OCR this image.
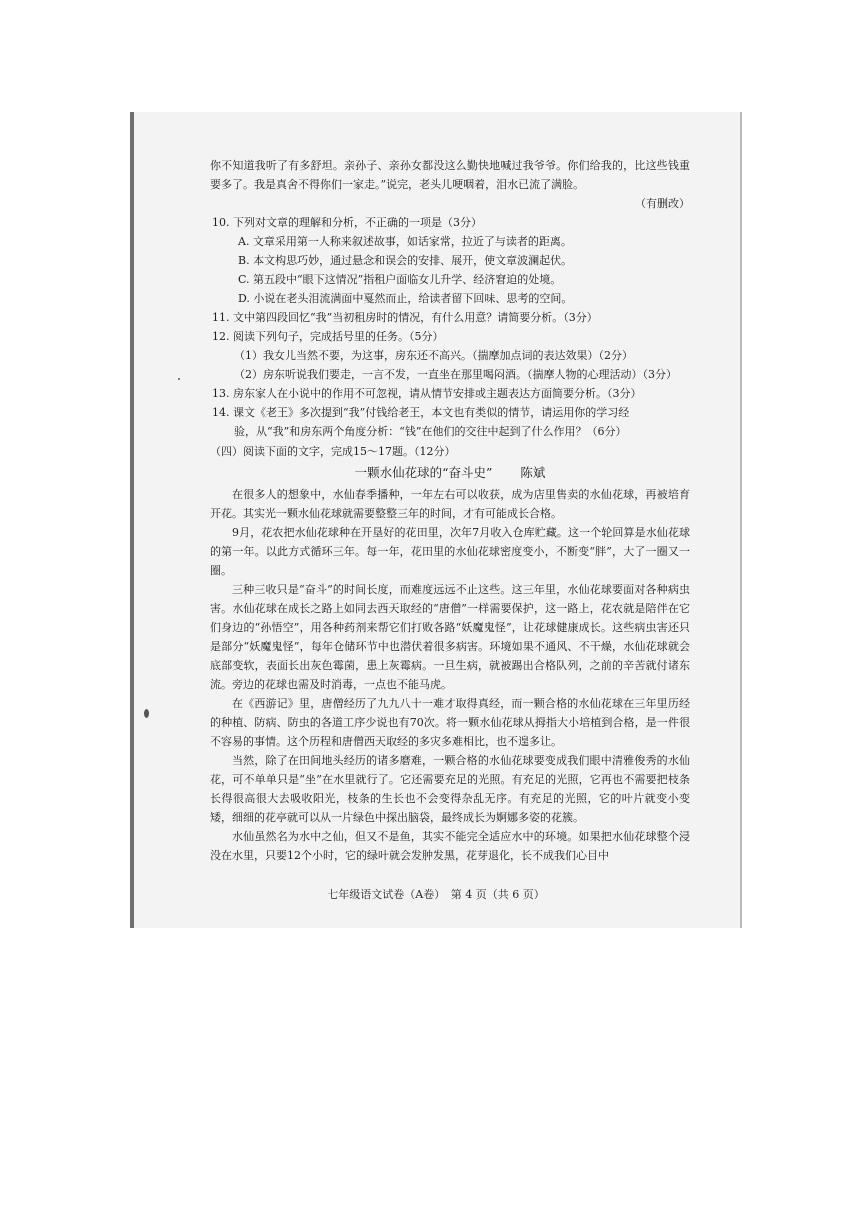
你不知道我听了有多舒坦。亲孙子、亲孙女都没这么勤快地喊过我爷爷。你们给我的，比这些钱重要多了。我是真舍不得你们一家走。”说完，老头儿哽咽着，泪水已流了满脸。

（有删改）

10. 下列对文章的理解和分析，不正确的一项是（3分）

A. 文章采用第一人称来叙述故事，如话家常，拉近了与读者的距离。

B. 本文构思巧妙，通过悬念和误会的安排、展开，使文章波澜起伏。

C. 第五段中“眼下这情况”指租户面临女儿升学、经济窘迫的处境。

D. 小说在老头泪流满面中戛然而止，给读者留下回味、思考的空间。

11. 文中第四段回忆“我”当初租房时的情况，有什么用意？请简要分析。（3分）

12. 阅读下列句子，完成括号里的任务。（5分）

（1）我女儿当然不要，为这事，房东还不高兴。（揣摩加点词的表达效果）（2分）

（2）房东听说我们要走，一言不发，一直坐在那里喝闷酒。（揣摩人物的心理活动）（3分）

13. 房东家人在小说中的作用不可忽视，请从情节安排或主题表达方面简要分析。（3分）

14. 课文《老王》多次提到“我”付钱给老王，本文也有类似的情节，请运用你的学习经

验，从“我”和房东两个角度分析：“钱”在他们的交往中起到了什么作用？（6分）

（四）阅读下面的文字，完成15～17题。（12分）

一颗水仙花球的“奋斗史” 陈斌

在很多人的想象中，水仙春季播种，一年左右可以收获，成为店里售卖的水仙花球，再被培育开花。其实光一颗水仙花球就需要整整三年的时间，才有可能成长合格。

9月，花农把水仙花球种在开垦好的花田里，次年7月收入仓库贮藏。这一个轮回算是水仙花球的第一年。以此方式循环三年。每一年，花田里的水仙花球密度变小，不断变“胖”，大了一圈又一圈。

三种三收只是“奋斗”的时间长度，而难度远远不止这些。这三年里，水仙花球要面对各种病虫害。水仙花球在成长之路上如同去西天取经的“唐僧”一样需要保护，这一路上，花农就是陪伴在它们身边的“孙悟空”，用各种药剂来帮它们打败各路“妖魔鬼怪”，让花球健康成长。这些病虫害还只是部分“妖魔鬼怪”，每年仓储环节中也潜伏着很多病害。环境如果不通风、不干燥，水仙花球就会底部变软，表面长出灰色霉菌，患上灰霉病。一旦生病，就被踢出合格队列，之前的辛苦就付诸东流。旁边的花球也需及时消毒，一点也不能马虎。

在《西游记》里，唐僧经历了九九八十一难才取得真经，而一颗合格的水仙花球在三年里历经的种植、防病、防虫的各道工序少说也有70次。将一颗水仙花球从拇指大小培植到合格，是一件很不容易的事情。这个历程和唐僧西天取经的多灾多难相比，也不遑多让。

当然，除了在田间地头经历的诸多磨难，一颗合格的水仙花球要变成我们眼中清雅俊秀的水仙花，可不单单只是“坐”在水里就行了。它还需要充足的光照。有充足的光照，它再也不需要把枝条长得很高很大去吸收阳光，枝条的生长也不会变得杂乱无序。有充足的光照，它的叶片就变小变矮，细细的花亭就可以从一片绿色中探出脑袋，最终成长为婀娜多姿的花簇。

水仙虽然名为水中之仙，但又不是鱼，其实不能完全适应水中的环境。如果把水仙花球整个浸没在水里，只要12个小时，它的绿叶就会发肿发黑，花芽退化，长不成我们心目中

七年级语文试卷（A卷）　第 4 页（共 6 页）
